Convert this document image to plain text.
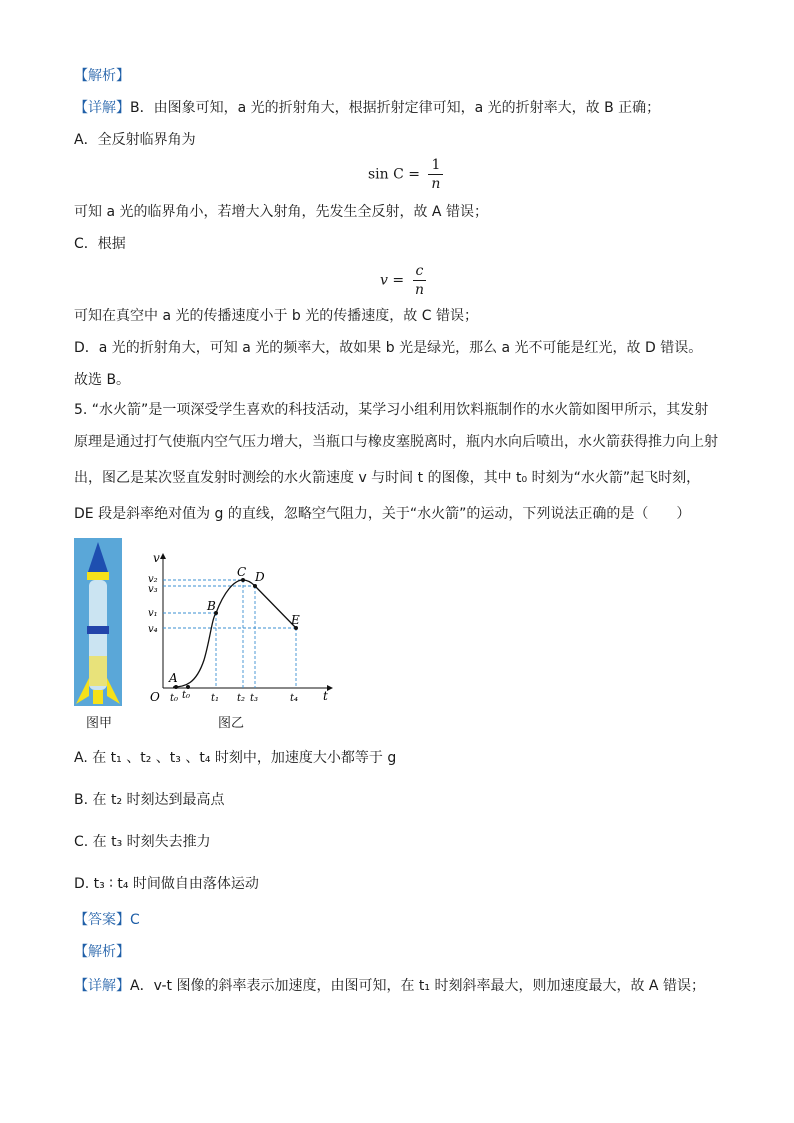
【解析】
【详解】B．由图象可知，a 光的折射角大，根据折射定律可知，a 光的折射率大，故 B 正确；
A．全反射临界角为
$\sin C = \frac{1}{n}$
可知 a 光的临界角小，若增大入射角，先发生全反射，故 A 错误；
C．根据
$v = \frac{c}{n}$
可知在真空中 a 光的传播速度小于 b 光的传播速度，故 C 错误；
D．a 光的折射角大，可知 a 光的频率大，故如果 b 光是绿光，那么 a 光不可能是红光，故 D 错误。
故选 B。
5. “水火箭”是一项深受学生喜欢的科技活动，某学习小组利用饮料瓶制作的水火箭如图甲所示，其发射
原理是通过打气使瓶内空气压力增大，当瓶口与橡皮塞脱离时，瓶内水向后喷出，水火箭获得推力向上射
出，图乙是某次竖直发射时测绘的水火箭速度 v 与时间 t 的图像，其中 t₀ 时刻为“水火箭”起飞时刻，
DE 段是斜率绝对值为 g 的直线，忽略空气阻力，关于“水火箭”的运动，下列说法正确的是（　　）
图甲
v
t
O
A
B
C D
E
v₂
v₃
v₁
v₄
t₀ t₀ t₁ t₂ t₃	t₄
图乙
A. 在 t₁ 、t₂ 、t₃ 、t₄ 时刻中，加速度大小都等于 g
B. 在 t₂ 时刻达到最高点
C. 在 t₃ 时刻失去推力
D. t₃ ∶ t₄ 时间做自由落体运动
【答案】C
【解析】
【详解】A．v-t 图像的斜率表示加速度，由图可知，在 t₁ 时刻斜率最大，则加速度最大，故 A 错误；
